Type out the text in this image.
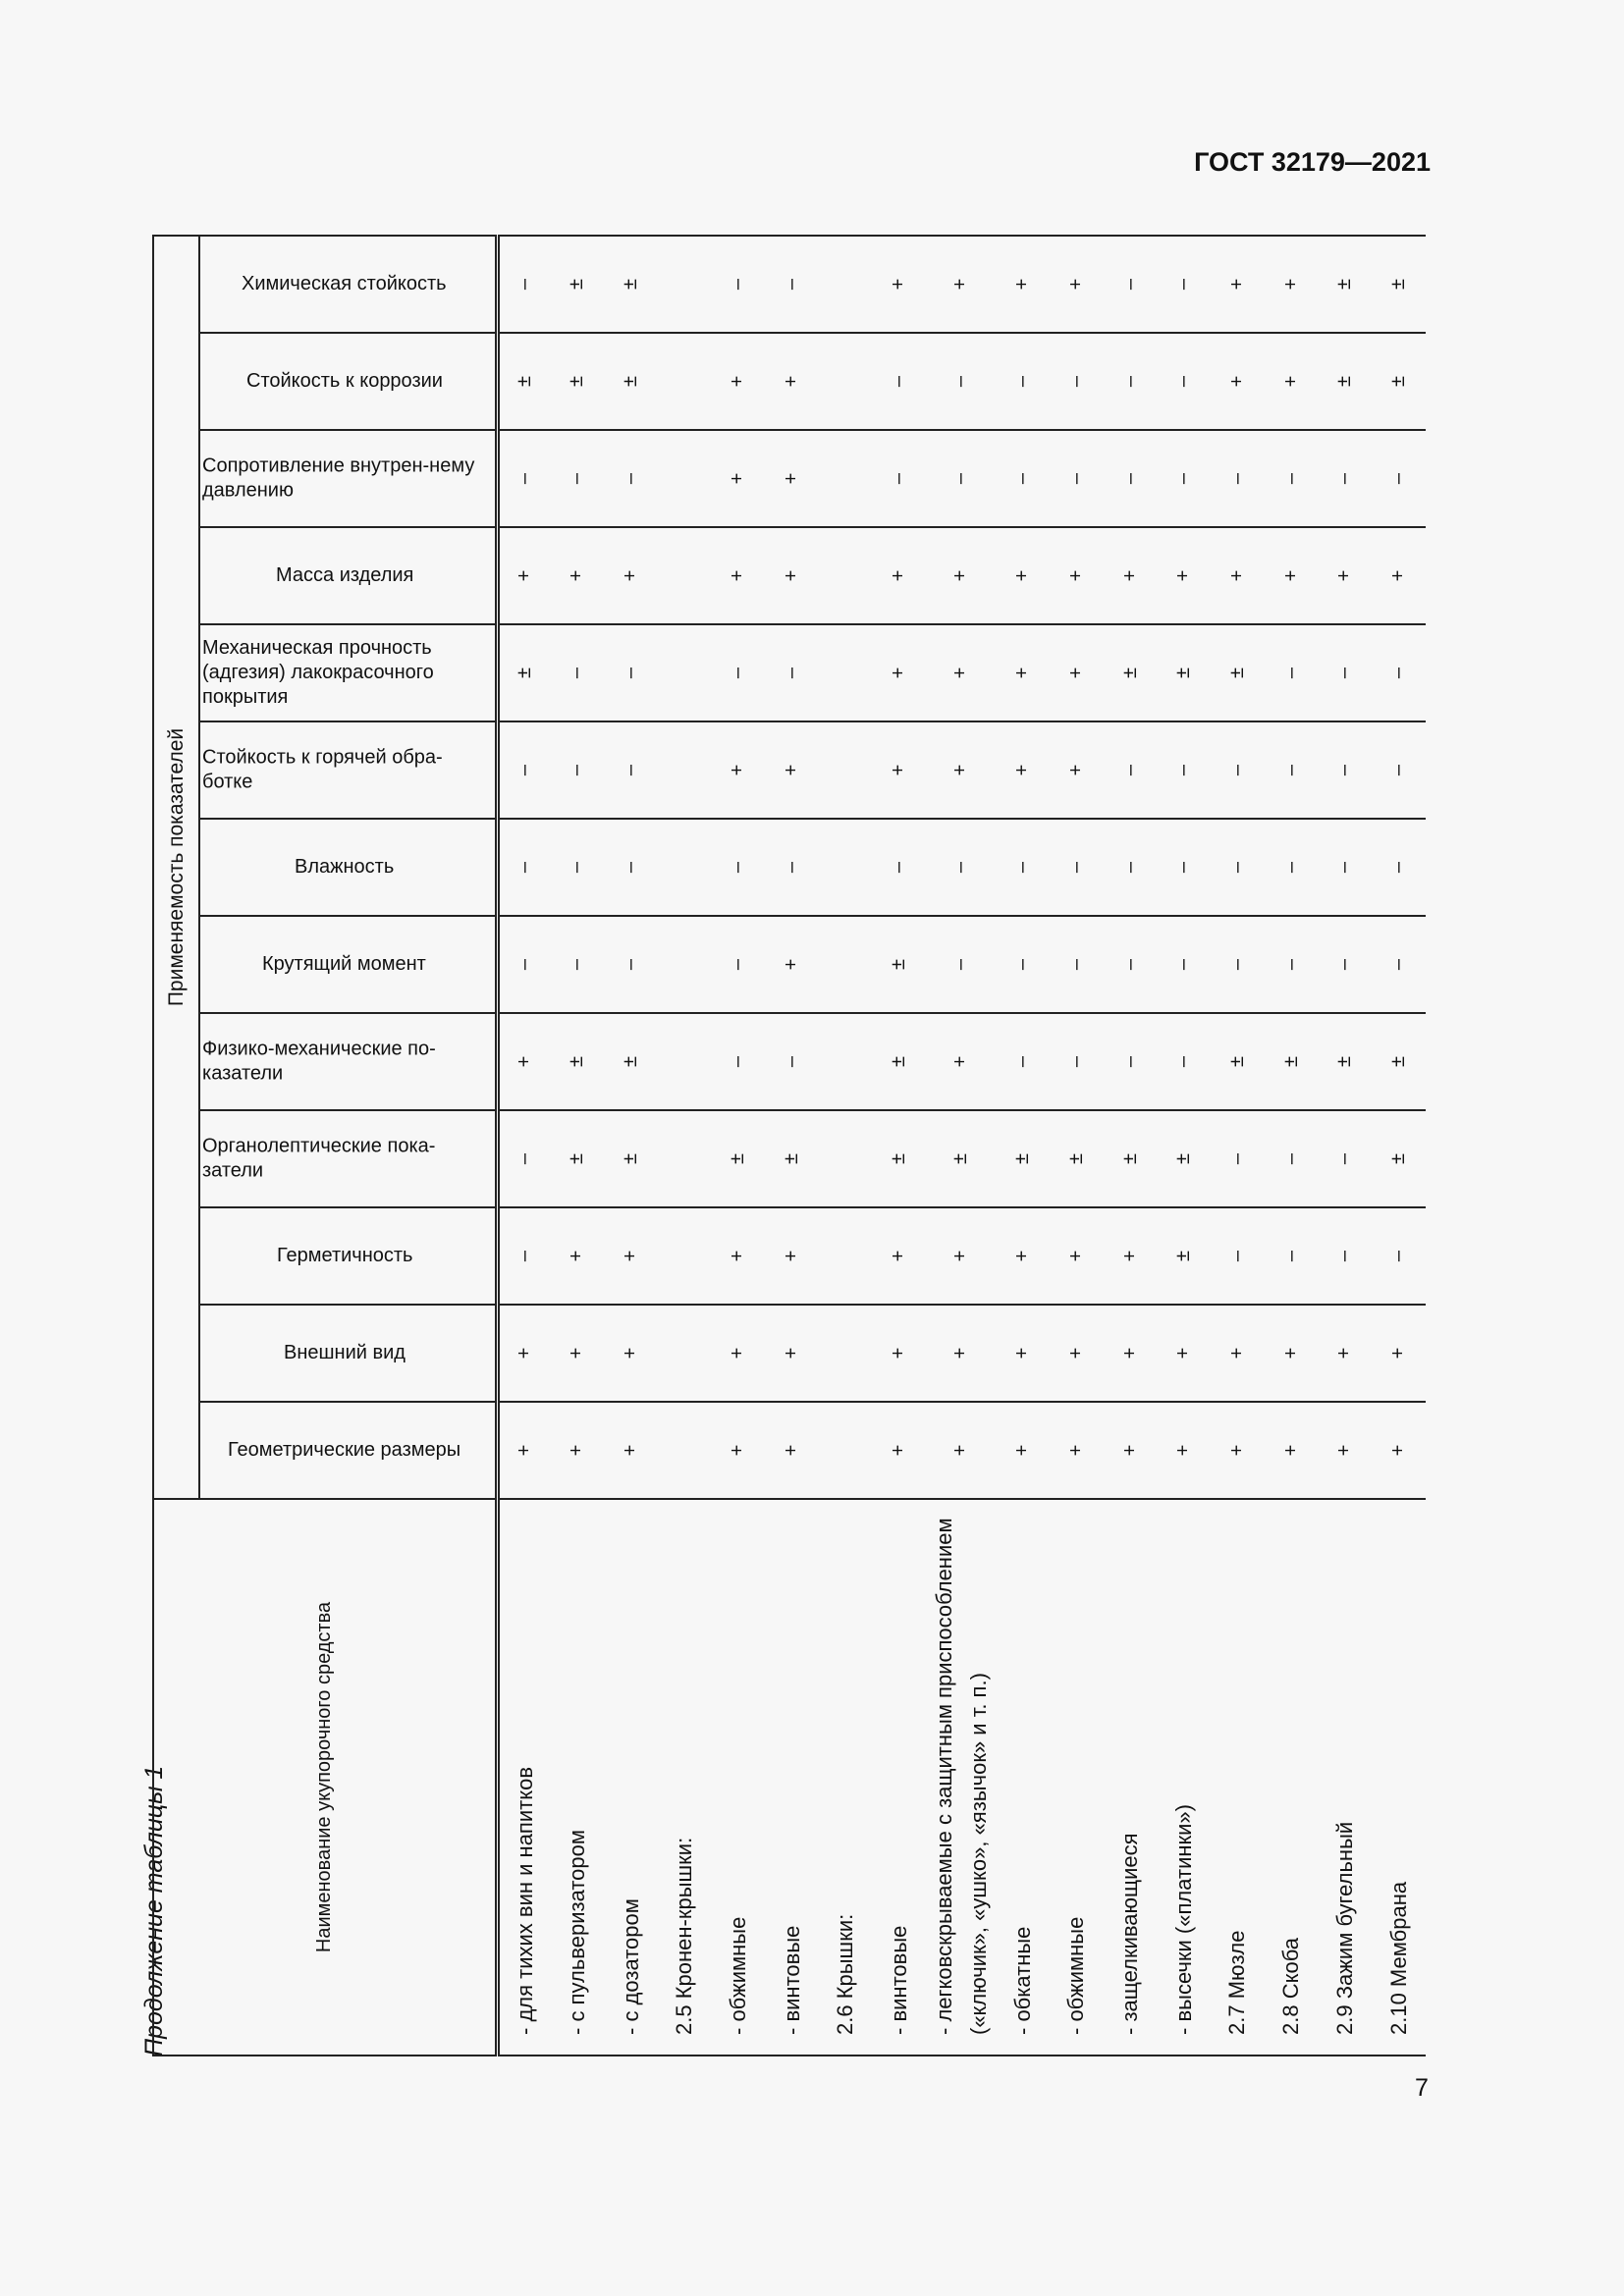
ГОСТ 32179—2021
Продолжение таблицы 1	Наименование укупорочного средства	Применяемость показателей												
	Геометрические размеры	Внешний вид	Герметичность	Органолептические пока-затели	Физико-механические по-казатели	Крутящий момент	Влажность	Стойкость к горячей обра-ботке	Механическая прочность (адгезия) лакокрасочного покрытия	Масса изделия	Сопротивление внутрен-нему давлению	Стойкость к коррозии	Химическая стойкость
- для тихих вин и напитков	+	+	–	–	+	–	–	–	±	+	–	±	–
- с пульверизатором	+	+	+	±	±	–	–	–	–	+	–	±	±
- с дозатором	+	+	+	±	±	–	–	–	–	+	–	±	±
2.5 Кронен-крышки:													
- обжимные	+	+	+	±	–	–	–	+	–	+	+	+	–
- винтовые	+	+	+	±	–	+	–	+	–	+	+	+	–
2.6 Крышки:													
- винтовые	+	+	+	±	±	±	–	+	+	+	–	–	+
- легковскрываемые с защитным приспособлением («ключик», «ушко», «язычок» и т. п.)	+	+	+	±	+	–	–	+	+	+	–	–	+
- обкатные	+	+	+	±	–	–	–	+	+	+	–	–	+
- обжимные	+	+	+	±	–	–	–	+	+	+	–	–	+
- защелкивающиеся	+	+	+	±	–	–	–	–	±	+	–	–	–
- высечки («платинки»)	+	+	±	±	–	–	–	–	±	+	–	–	–
2.7 Мюзле	+	+	–	–	±	–	–	–	±	+	–	+	+
2.8 Скоба	+	+	–	–	±	–	–	–	–	+	–	+	+
2.9 Зажим бугельный	+	+	–	–	±	–	–	–	–	+	–	±	±
2.10 Мембрана	+	+	–	±	±	–	–	–	–	+	–	±	±
7
